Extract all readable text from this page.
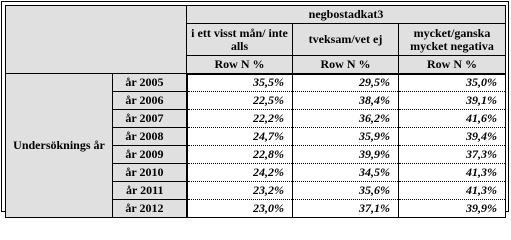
		negbostadkat3		
		i ett visst mån/ inte alls	tveksam/vet ej	mycket/ganska mycket negativa
		Row N %	Row N %	Row N %
Undersöknings år	år 2005	35,5%	29,5%	35,0%
	år 2006	22,5%	38,4%	39,1%
	år 2007	22,2%	36,2%	41,6%
	år 2008	24,7%	35,9%	39,4%
	år 2009	22,8%	39,9%	37,3%
	år 2010	24,2%	34,5%	41,3%
	år 2011	23,2%	35,6%	41,3%
	år 2012	23,0%	37,1%	39,9%
